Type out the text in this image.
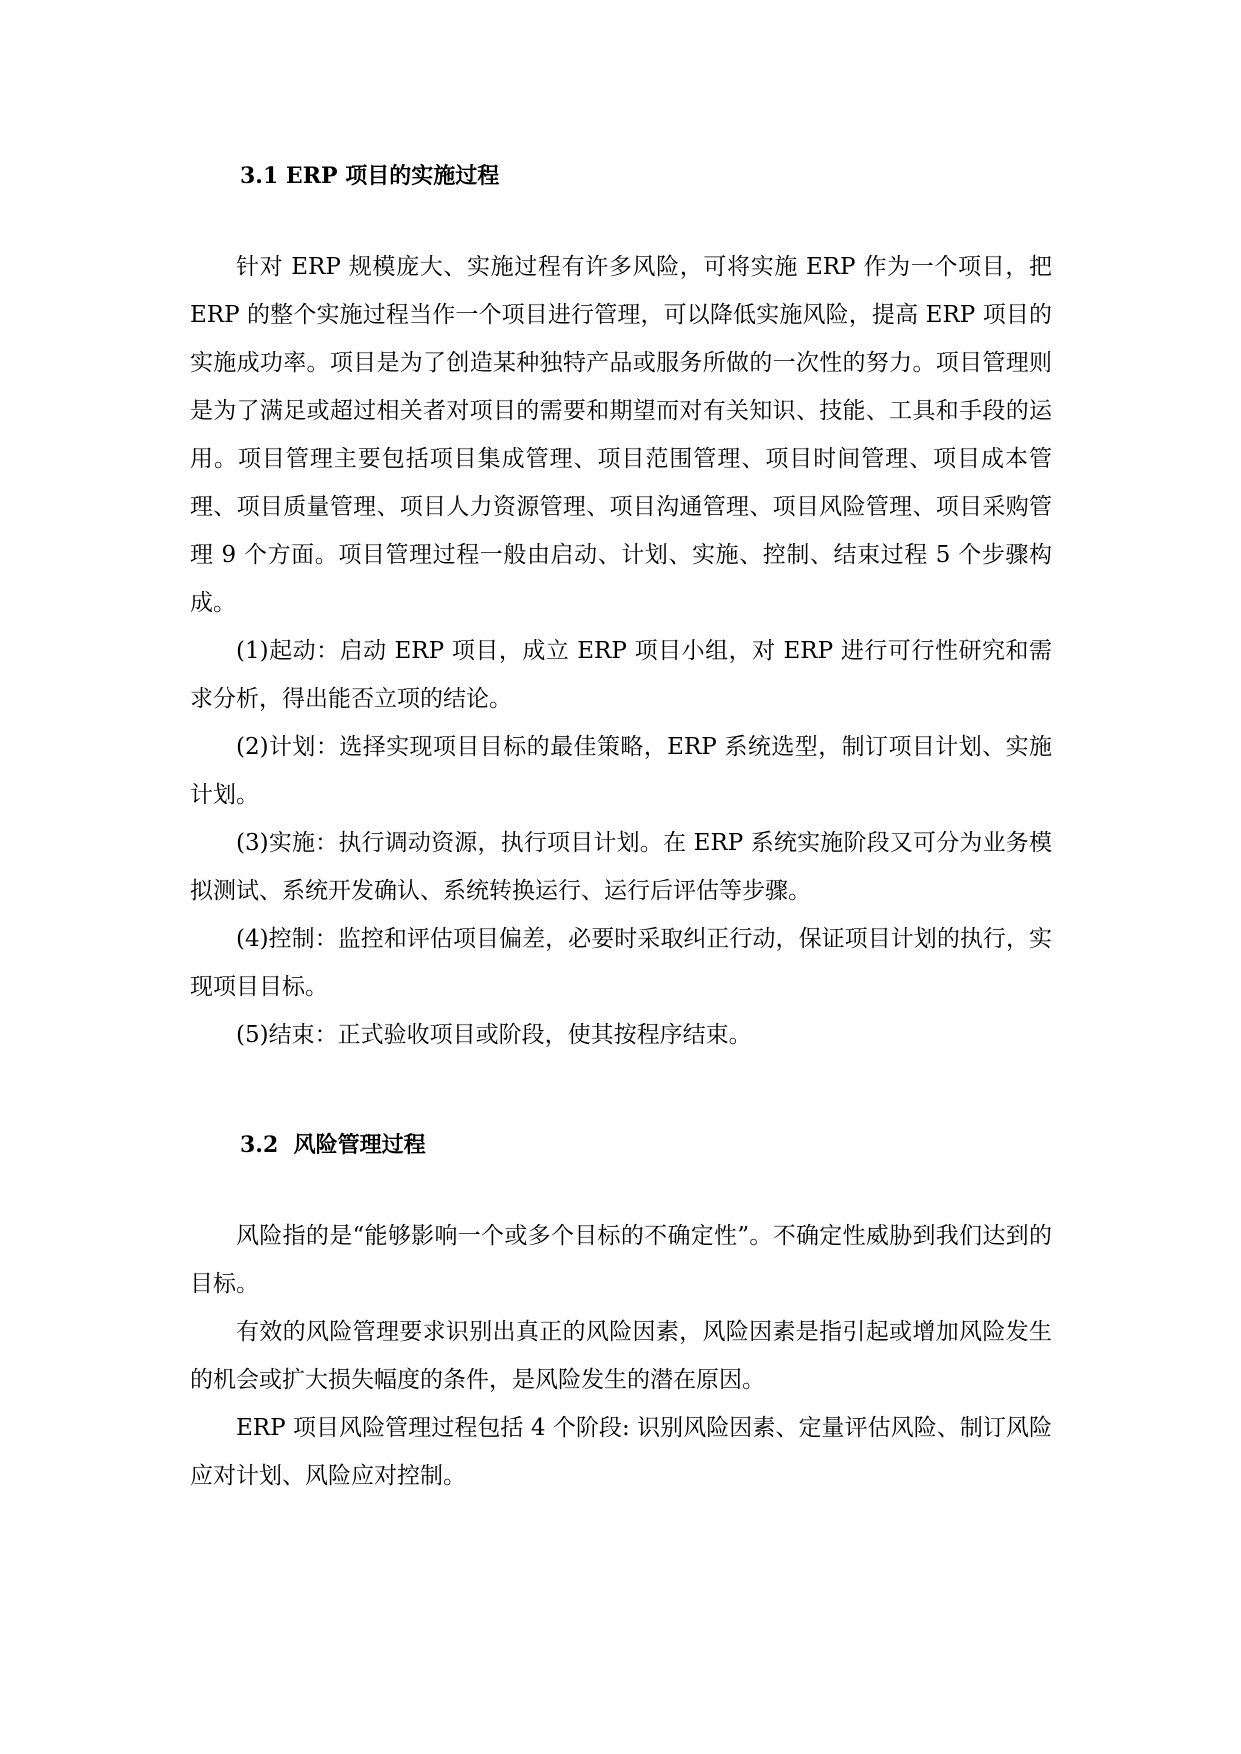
3.1 ERP 项目的实施过程

针对 ERP 规模庞大、实施过程有许多风险，可将实施 ERP 作为一个项目，把 ERP 的整个实施过程当作一个项目进行管理，可以降低实施风险，提高 ERP 项目的实施成功率。项目是为了创造某种独特产品或服务所做的一次性的努力。项目管理则是为了满足或超过相关者对项目的需要和期望而对有关知识、技能、工具和手段的运用。项目管理主要包括项目集成管理、项目范围管理、项目时间管理、项目成本管理、项目质量管理、项目人力资源管理、项目沟通管理、项目风险管理、项目采购管理 9 个方面。项目管理过程一般由启动、计划、实施、控制、结束过程 5 个步骤构成。

(1)起动：启动 ERP 项目，成立 ERP 项目小组，对 ERP 进行可行性研究和需求分析，得出能否立项的结论。

(2)计划：选择实现项目目标的最佳策略，ERP 系统选型，制订项目计划、实施计划。

(3)实施：执行调动资源，执行项目计划。在 ERP 系统实施阶段又可分为业务模拟测试、系统开发确认、系统转换运行、运行后评估等步骤。

(4)控制：监控和评估项目偏差，必要时采取纠正行动，保证项目计划的执行，实现项目目标。

(5)结束：正式验收项目或阶段，使其按程序结束。

3.2  风险管理过程

风险指的是“能够影响一个或多个目标的不确定性”。不确定性威胁到我们达到的目标。

有效的风险管理要求识别出真正的风险因素，风险因素是指引起或增加风险发生的机会或扩大损失幅度的条件，是风险发生的潜在原因。

ERP 项目风险管理过程包括 4 个阶段: 识别风险因素、定量评估风险、制订风险应对计划、风险应对控制。
